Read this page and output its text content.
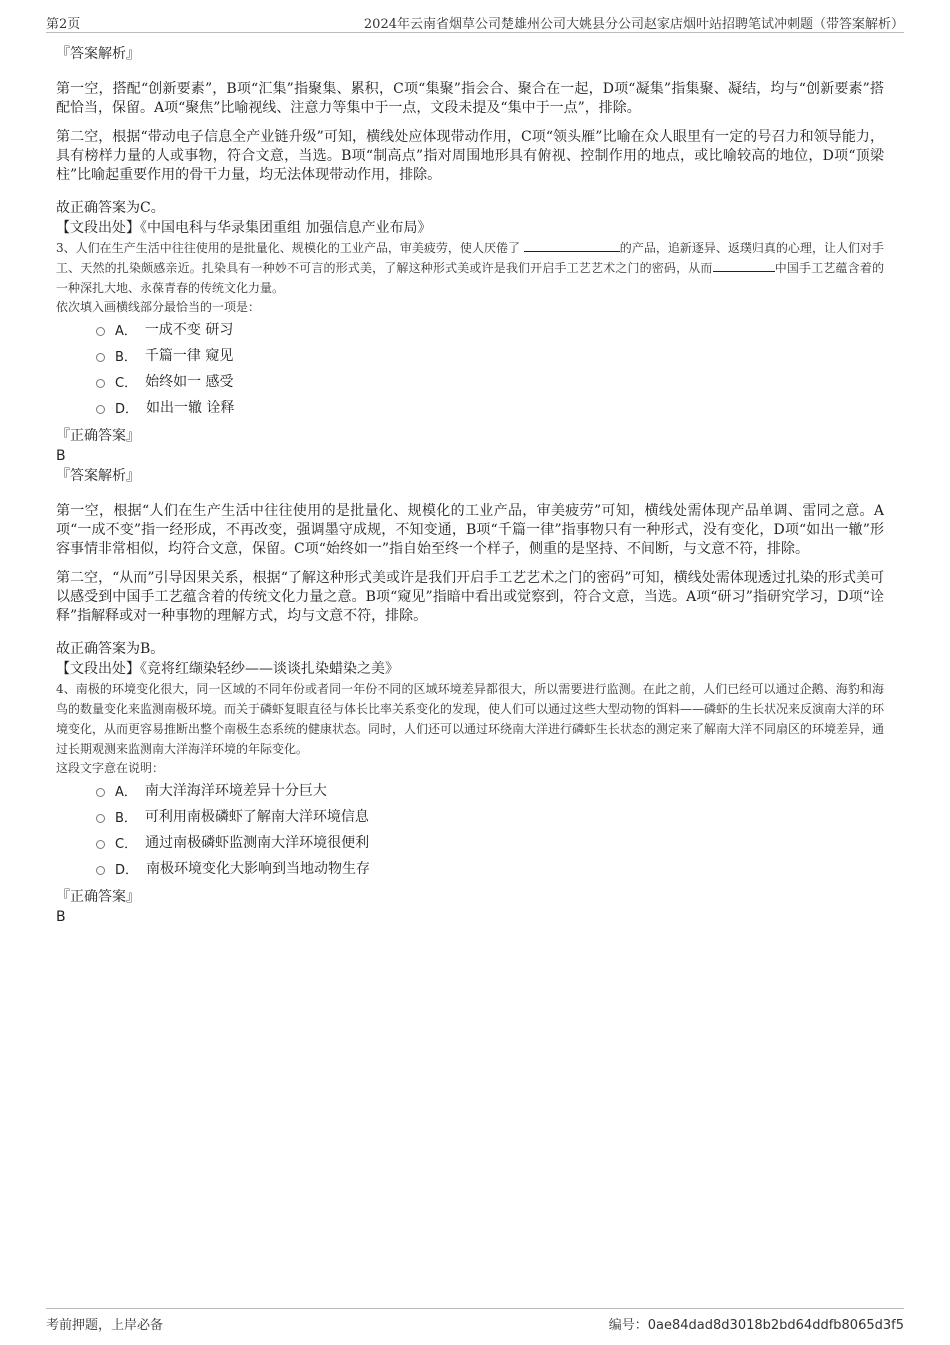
第2页	2024年云南省烟草公司楚雄州公司大姚县分公司赵家店烟叶站招聘笔试冲刺题（带答案解析）

『答案解析』

第一空，搭配“创新要素”，B项“汇集”指聚集、累积，C项“集聚”指会合、聚合在一起，D项“凝集”指集聚、凝结，均与“创新要素”搭配恰当，保留。A项“聚焦”比喻视线、注意力等集中于一点，文段未提及“集中于一点”，排除。

第二空，根据“带动电子信息全产业链升级”可知，横线处应体现带动作用，C项“领头雁”比喻在众人眼里有一定的号召力和领导能力，具有榜样力量的人或事物，符合文意，当选。B项“制高点”指对周围地形具有俯视、控制作用的地点，或比喻较高的地位，D项“顶梁柱”比喻起重要作用的骨干力量，均无法体现带动作用，排除。

故正确答案为C。

【文段出处】《中国电科与华录集团重组 加强信息产业布局》

3、人们在生产生活中往往使用的是批量化、规模化的工业产品，审美疲劳，使人厌倦了	的产品，追新逐异、返璞归真的心理，让人们对手工、天然的扎染颇感亲近。扎染具有一种妙不可言的形式美，了解这种形式美或许是我们开启手工艺艺术之门的密码，从而	中国手工艺蕴含着的一种深扎大地、永葆青春的传统文化力量。

依次填入画横线部分最恰当的一项是：

A． 一成不变 研习
B． 千篇一律 窥见
C． 始终如一 感受
D． 如出一辙 诠释

『正确答案』

B

『答案解析』

第一空，根据“人们在生产生活中往往使用的是批量化、规模化的工业产品，审美疲劳”可知，横线处需体现产品单调、雷同之意。A项“一成不变”指一经形成，不再改变，强调墨守成规，不知变通，B项“千篇一律”指事物只有一种形式，没有变化，D项“如出一辙”形容事情非常相似，均符合文意，保留。C项“始终如一”指自始至终一个样子，侧重的是坚持、不间断，与文意不符，排除。

第二空，“从而”引导因果关系，根据“了解这种形式美或许是我们开启手工艺艺术之门的密码”可知，横线处需体现透过扎染的形式美可以感受到中国手工艺蕴含着的传统文化力量之意。B项“窥见”指暗中看出或觉察到，符合文意，当选。A项“研习”指研究学习，D项“诠释”指解释或对一种事物的理解方式，均与文意不符，排除。

故正确答案为B。

【文段出处】《竞将红缬染轻纱——谈谈扎染蜡染之美》

4、南极的环境变化很大，同一区域的不同年份或者同一年份不同的区域环境差异都很大，所以需要进行监测。在此之前，人们已经可以通过企鹅、海豹和海鸟的数量变化来监测南极环境。而关于磷虾复眼直径与体长比率关系变化的发现，使人们可以通过这些大型动物的饵料——磷虾的生长状况来反演南大洋的环境变化，从而更容易推断出整个南极生态系统的健康状态。同时，人们还可以通过环绕南大洋进行磷虾生长状态的测定来了解南大洋不同扇区的环境差异，通过长期观测来监测南大洋海洋环境的年际变化。

这段文字意在说明：

A． 南大洋海洋环境差异十分巨大
B． 可利用南极磷虾了解南大洋环境信息
C． 通过南极磷虾监测南大洋环境很便利
D． 南极环境变化大影响到当地动物生存

『正确答案』

B

考前押题，上岸必备	编号：0ae84dad8d3018b2bd64ddfb8065d3f5
